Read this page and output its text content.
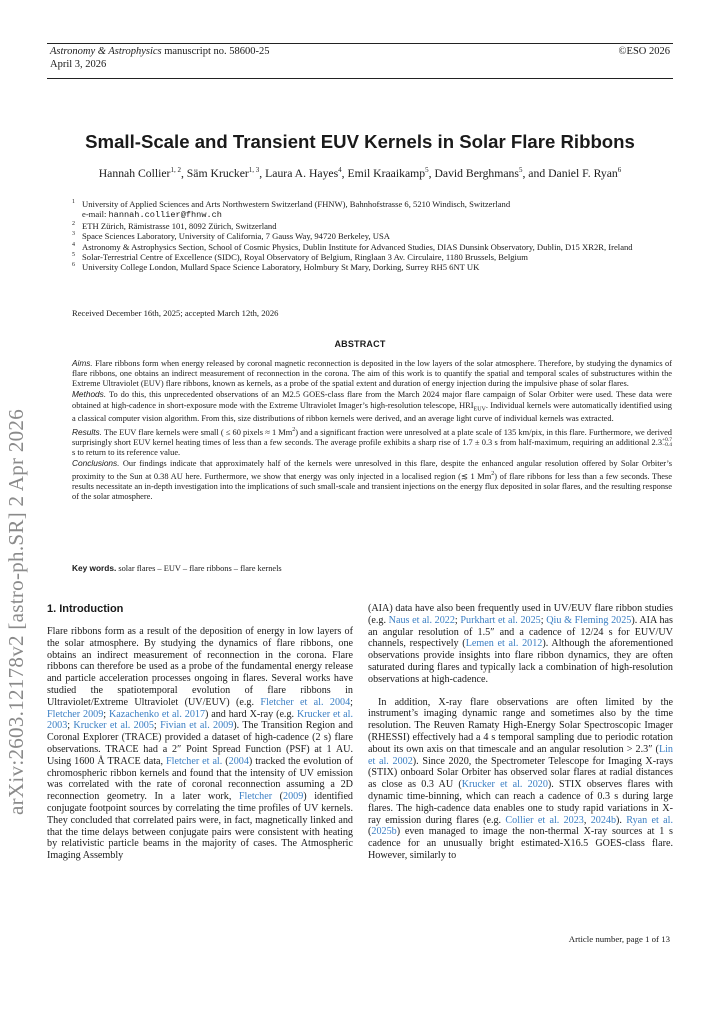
Astronomy & Astrophysics manuscript no. 58600-25
April 3, 2026
©ESO 2026
arXiv:2603.12178v2 [astro-ph.SR] 2 Apr 2026
Small-Scale and Transient EUV Kernels in Solar Flare Ribbons
Hannah Collier$^{1, 2}$, Säm Krucker$^{1, 3}$, Laura A. Hayes$^4$, Emil Kraaikamp$^5$, David Berghmans$^5$, and Daniel F. Ryan$^6$
1 University of Applied Sciences and Arts Northwestern Switzerland (FHNW), Bahnhofstrasse 6, 5210 Windisch, Switzerland
e-mail: hannah.collier@fhnw.ch
2 ETH Zürich, Rämistrasse 101, 8092 Zürich, Switzerland
3 Space Sciences Laboratory, University of California, 7 Gauss Way, 94720 Berkeley, USA
4 Astronomy & Astrophysics Section, School of Cosmic Physics, Dublin Institute for Advanced Studies, DIAS Dunsink Observatory, Dublin, D15 XR2R, Ireland
5 Solar-Terrestrial Centre of Excellence (SIDC), Royal Observatory of Belgium, Ringlaan 3 Av. Circulaire, 1180 Brussels, Belgium
6 University College London, Mullard Space Science Laboratory, Holmbury St Mary, Dorking, Surrey RH5 6NT UK
Received December 16th, 2025; accepted March 12th, 2026
ABSTRACT
Aims. Flare ribbons form when energy released by coronal magnetic reconnection is deposited in the low layers of the solar atmosphere. Therefore, by studying the dynamics of flare ribbons, one obtains an indirect measurement of reconnection in the corona. The aim of this work is to quantify the spatial and temporal scales of substructures within the Extreme Ultraviolet (EUV) flare ribbons, known as kernels, as a probe of the spatial extent and duration of energy injection during the impulsive phase of solar flares.
Methods. To do this, this unprecedented observations of an M2.5 GOES-class flare from the March 2024 major flare campaign of Solar Orbiter were used. These data were obtained at high-cadence in short-exposure mode with the Extreme Ultraviolet Imager’s high-resolution telescope, $HRI_{EUV}$. Individual kernels were automatically identified using a classical computer vision algorithm. From this, size distributions of ribbon kernels were derived, and an average light curve of individual kernels was extracted.
Results. The EUV flare kernels were small ( ≤ 60 pixels ≈ 1 Mm$^2$) and a significant fraction were unresolved at a plate scale of 135 km/pix, in this flare. Furthermore, we derived surprisingly short EUV kernel heating times of less than a few seconds. The average profile exhibits a sharp rise of 1.7 ± 0.3 s from half-maximum, requiring an additional 2.3+0.7
−0.4 s to return to its reference value.
Conclusions. Our findings indicate that approximately half of the kernels were unresolved in this flare, despite the enhanced angular resolution offered by Solar Orbiter’s proximity to the Sun at 0.38 AU here. Furthermore, we show that energy was only injected in a localised region (≲ 1 Mm$^2$) of flare ribbons for less than a few seconds. These results necessitate an in-depth investigation into the implications of such small-scale and transient injections on the energy flux deposited in solar flares, and the resulting response of the solar atmosphere.
Key words. solar flares – EUV – flare ribbons – flare kernels
1. Introduction

Flare ribbons form as a result of the deposition of energy in low layers of the solar atmosphere. By studying the dynamics of flare ribbons, one obtains an indirect measurement of reconnection in the corona. Flare ribbons can therefore be used as a probe of the fundamental energy release and particle acceleration processes ongoing in flares. Several works have studied the spatiotemporal evolution of flare ribbons in Ultraviolet/Extreme Ultraviolet (UV/EUV) (e.g. Fletcher et al. 2004; Fletcher 2009; Kazachenko et al. 2017) and hard X-ray (e.g. Krucker et al. 2003; Krucker et al. 2005; Fivian et al. 2009). The Transition Region and Coronal Explorer (TRACE) provided a dataset of high-cadence (2 s) flare observations. TRACE had a 2″ Point Spread Function (PSF) at 1 AU. Using 1600 Å TRACE data, Fletcher et al. (2004) tracked the evolution of chromospheric ribbon kernels and found that the intensity of UV emission was correlated with the rate of coronal reconnection assuming a 2D reconnection geometry. In a later work, Fletcher (2009) identified conjugate footpoint sources by correlating the time profiles of UV kernels. They concluded that correlated pairs were, in fact, magnetically linked and that the time delays between conjugate pairs were consistent with heating by relativistic particle beams in the majority of cases. The Atmospheric Imaging Assembly

(AIA) data have also been frequently used in UV/EUV flare ribbon studies (e.g. Naus et al. 2022; Purkhart et al. 2025; Qiu & Fleming 2025). AIA has an angular resolution of 1.5″ and a cadence of 12/24 s for EUV/UV channels, respectively (Lemen et al. 2012). Although the aforementioned observations provide insights into flare ribbon dynamics, they are often saturated during flares and typically lack a combination of high-resolution observations at high-cadence.

In addition, X-ray flare observations are often limited by the instrument’s imaging dynamic range and sometimes also by the time resolution. The Reuven Ramaty High-Energy Solar Spectroscopic Imager (RHESSI) effectively had a 4 s temporal sampling due to periodic rotation about its own axis on that timescale and an angular resolution > 2.3″ (Lin et al. 2002). Since 2020, the Spectrometer Telescope for Imaging X-rays (STIX) onboard Solar Orbiter has observed solar flares at radial distances as close as 0.3 AU (Krucker et al. 2020). STIX observes flares with dynamic time-binning, which can reach a cadence of 0.3 s during large flares. The high-cadence data enables one to study rapid variations in X-ray emission during flares (e.g. Collier et al. 2023, 2024b). Ryan et al. (2025b) even managed to image the non-thermal X-ray sources at 1 s cadence for an unusually bright estimated-X16.5 GOES-class flare. However, similarly to

Article number, page 1 of 13
